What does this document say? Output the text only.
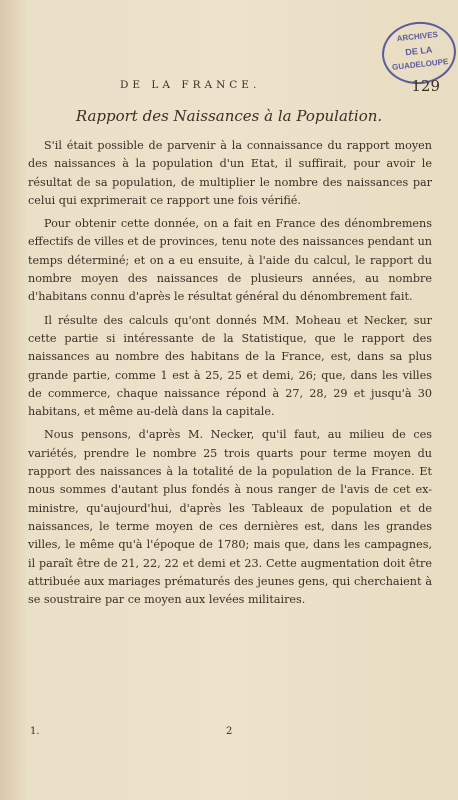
ARCHIVES
DE LA
GUADELOUPE
DE LA FRANCE.	129
Rapport des Naissances à la Population.

S'il était possible de parvenir à la connaissance du rapport moyen des naissances à la population d'un Etat, il suffirait, pour avoir le résultat de sa population, de multiplier le nombre des naissances par celui qui exprimerait ce rapport une fois vérifié.

Pour obtenir cette donnée, on a fait en France des dénombremens effectifs de villes et de provinces, tenu note des naissances pendant un temps déterminé; et on a eu ensuite, à l'aide du calcul, le rapport du nombre moyen des naissances de plusieurs années, au nombre d'habitans connu d'après le résultat général du dénombrement fait.

Il résulte des calculs qu'ont donnés MM. Moheau et Necker, sur cette partie si intéressante de la Statistique, que le rapport des naissances au nombre des habitans de la France, est, dans sa plus grande partie, comme 1 est à 25, 25 et demi, 26; que, dans les villes de commerce, chaque naissance répond à 27, 28, 29 et jusqu'à 30 habitans, et même au-delà dans la capitale.

Nous pensons, d'après M. Necker, qu'il faut, au milieu de ces variétés, prendre le nombre 25 trois quarts pour terme moyen du rapport des naissances à la totalité de la population de la France. Et nous sommes d'autant plus fondés à nous ranger de l'avis de cet ex-ministre, qu'aujourd'hui, d'après les Tableaux de population et de naissances, le terme moyen de ces dernières est, dans les grandes villes, le même qu'à l'époque de 1780; mais que, dans les campagnes, il paraît être de 21, 22, 22 et demi et 23. Cette augmentation doit être attribuée aux mariages prématurés des jeunes gens, qui cherchaient à se soustraire par ce moyen aux levées militaires.

1.	2
